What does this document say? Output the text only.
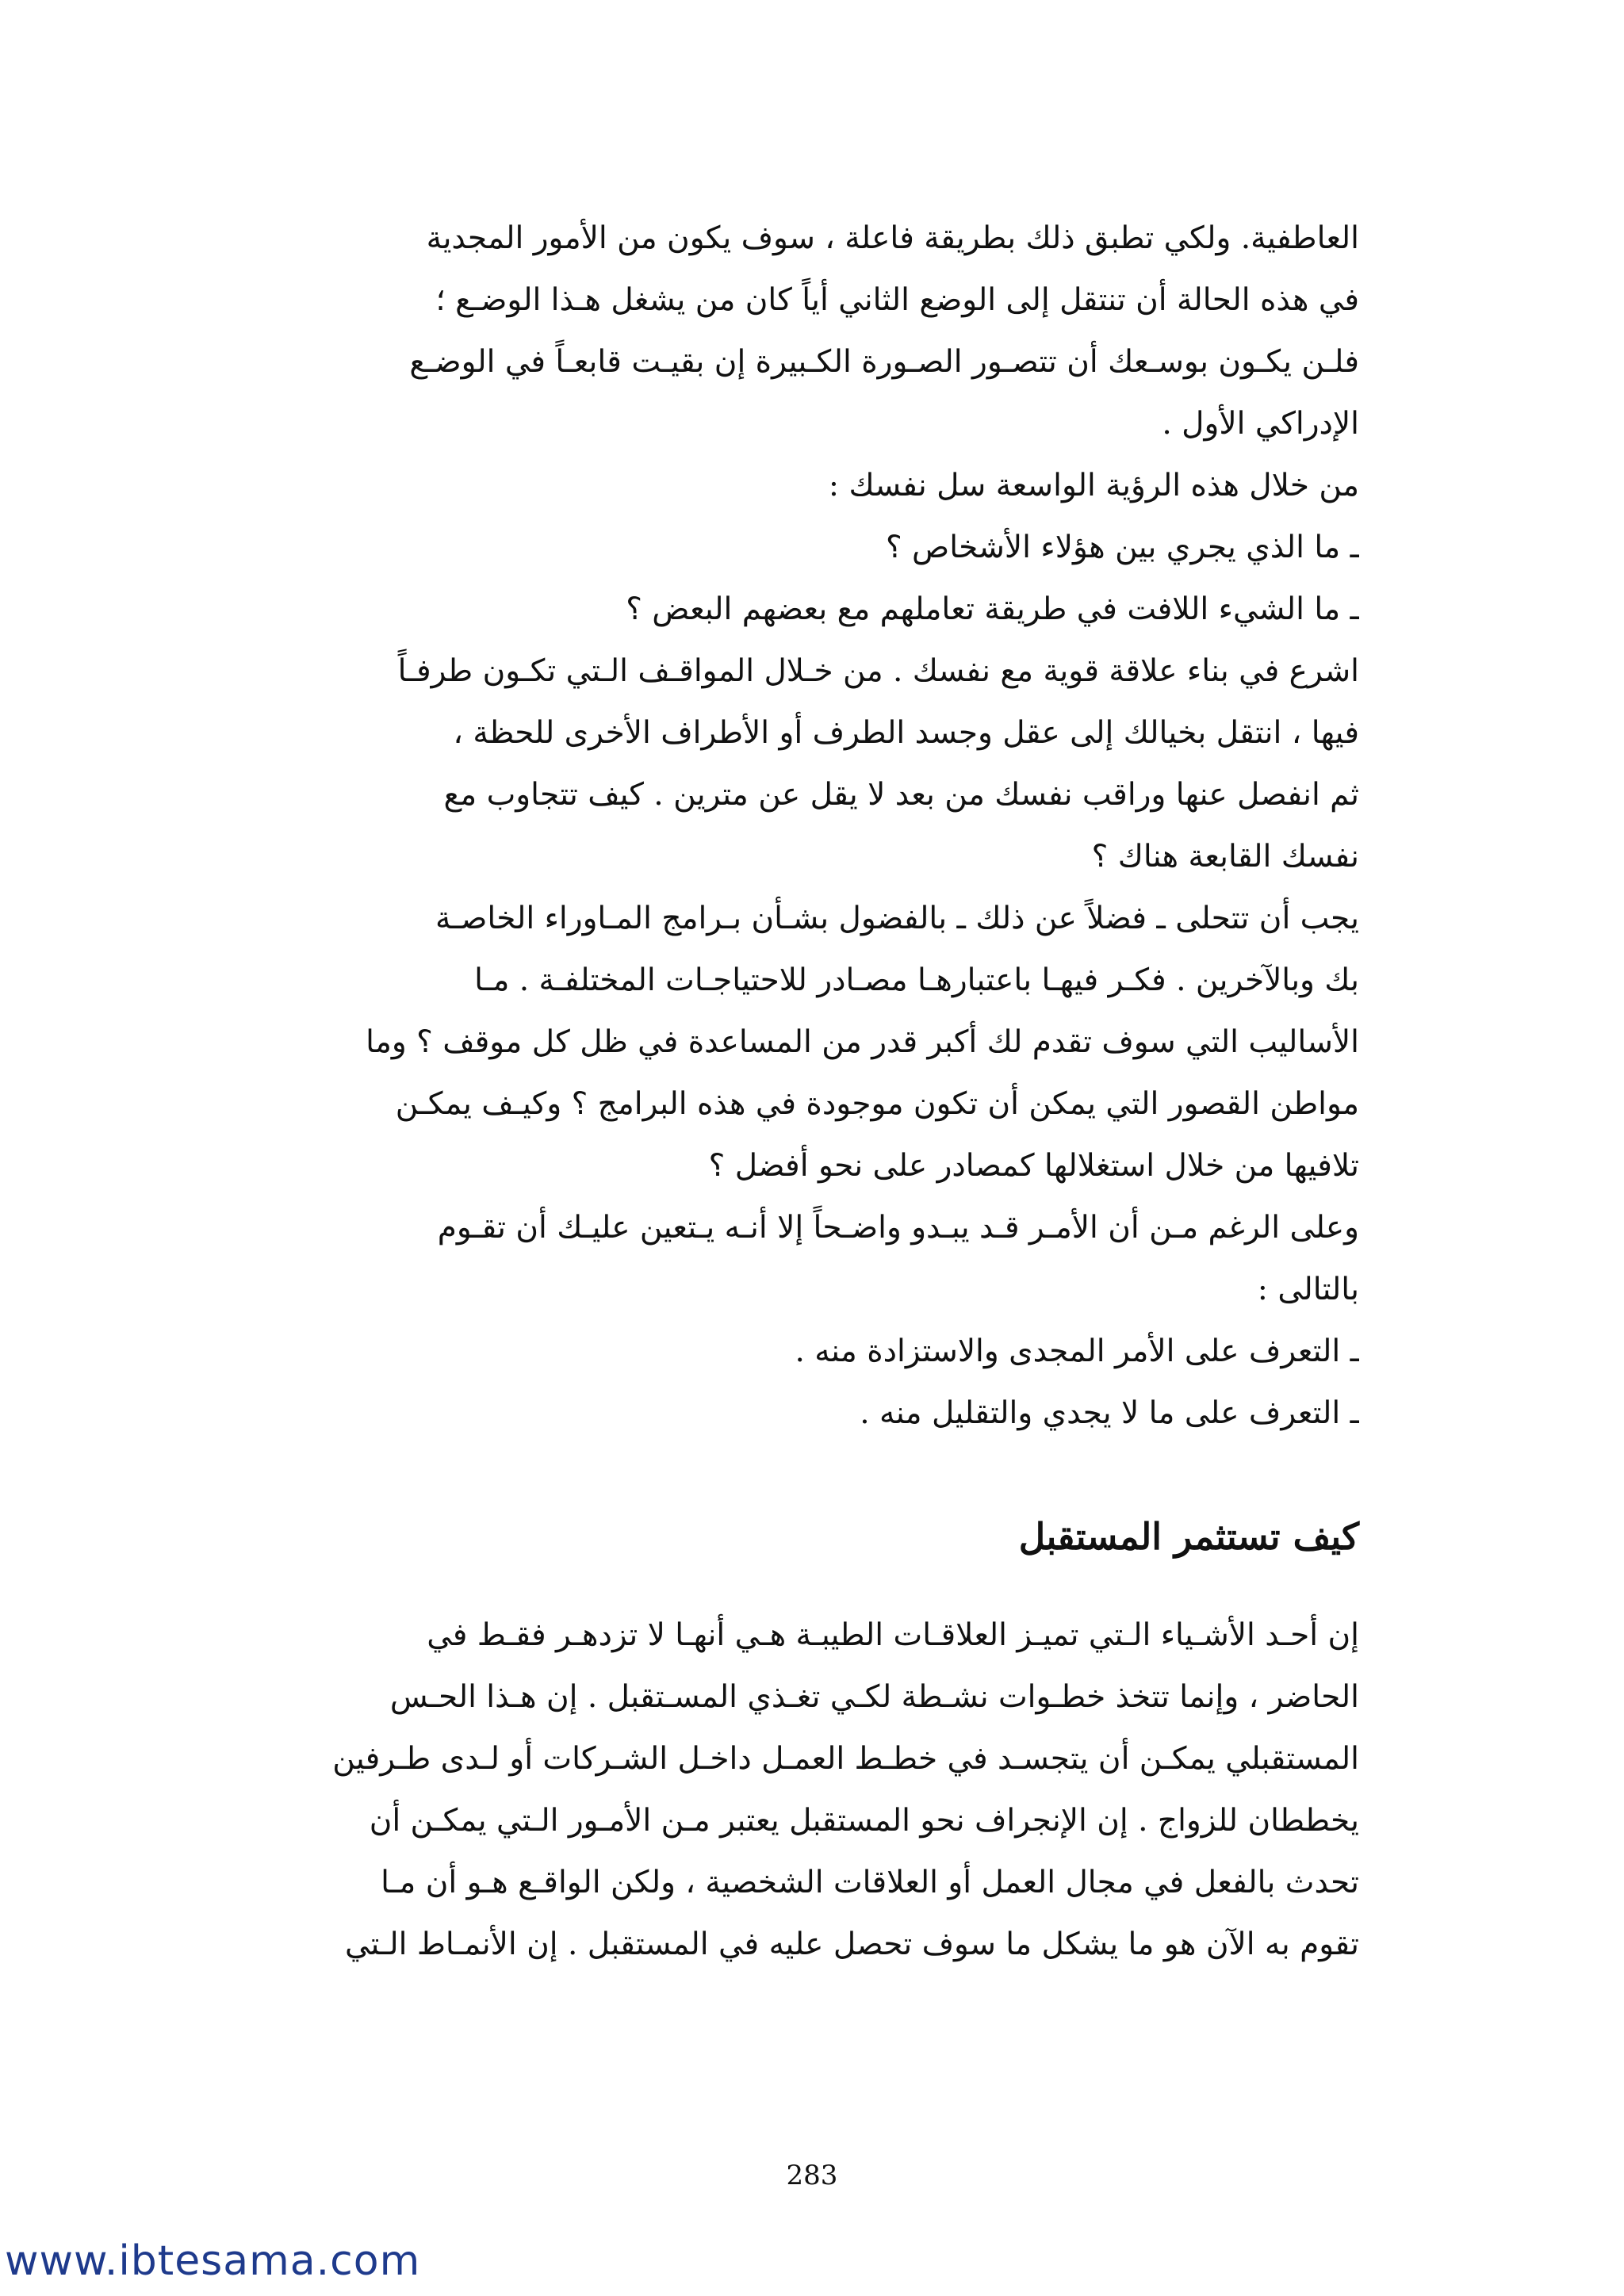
العاطفية. ولكي تطبق ذلك بطريقة فاعلة ، سوف يكون من الأمور المجدية
في هذه الحالة أن تنتقل إلى الوضع الثاني أياً كان من يشغل هـذا الوضـع ؛
فلـن يكـون بوسـعك أن تتصـور الصـورة الكـبيرة إن بقيـت قابعـاً في الوضـع
الإدراكي الأول .
من خلال هذه الرؤية الواسعة سل نفسك :
ـ ما الذي يجري بين هؤلاء الأشخاص ؟
ـ ما الشيء اللافت في طريقة تعاملهم مع بعضهم البعض ؟
اشرع في بناء علاقة قوية مع نفسك . من خـلال المواقـف الـتي تكـون طرفـاً
فيها ، انتقل بخيالك إلى عقل وجسد الطرف أو الأطراف الأخرى للحظة ،
ثم انفصل عنها وراقب نفسك من بعد لا يقل عن مترين . كيف تتجاوب مع
نفسك القابعة هناك ؟
يجب أن تتحلى ـ فضلاً عن ذلك ـ بالفضول بشـأن بـرامج المـاوراء الخاصـة
بك وبالآخرين . فكـر فيهـا باعتبارهـا مصـادر للاحتياجـات المختلفـة . مـا
الأساليب التي سوف تقدم لك أكبر قدر من المساعدة في ظل كل موقف ؟ وما
مواطن القصور التي يمكن أن تكون موجودة في هذه البرامج ؟ وكيـف يمكـن
تلافيها من خلال استغلالها كمصادر على نحو أفضل ؟
وعلى الرغم مـن أن الأمـر قـد يبـدو واضـحاً إلا أنـه يـتعين عليـك أن تقـوم
بالتالى :
ـ التعرف على الأمر المجدى والاستزادة منه .
ـ التعرف على ما لا يجدي والتقليل منه .
كيف تستثمر المستقبل
إن أحـد الأشـياء الـتي تميـز العلاقـات الطيبـة هـي أنهـا لا تزدهـر فقـط في
الحاضر ، وإنما تتخذ خطـوات نشـطة لكـي تغـذي المسـتقبل . إن هـذا الحـس
المستقبلي يمكـن أن يتجسـد في خطـط العمـل داخـل الشـركات أو لـدى طـرفين
يخططان للزواج . إن الإنجراف نحو المستقبل يعتبر مـن الأمـور الـتي يمكـن أن
تحدث بالفعل في مجال العمل أو العلاقات الشخصية ، ولكن الواقـع هـو أن مـا
تقوم به الآن هو ما يشكل ما سوف تحصل عليه في المستقبل . إن الأنمـاط الـتي
283
www.ibtesama.com
